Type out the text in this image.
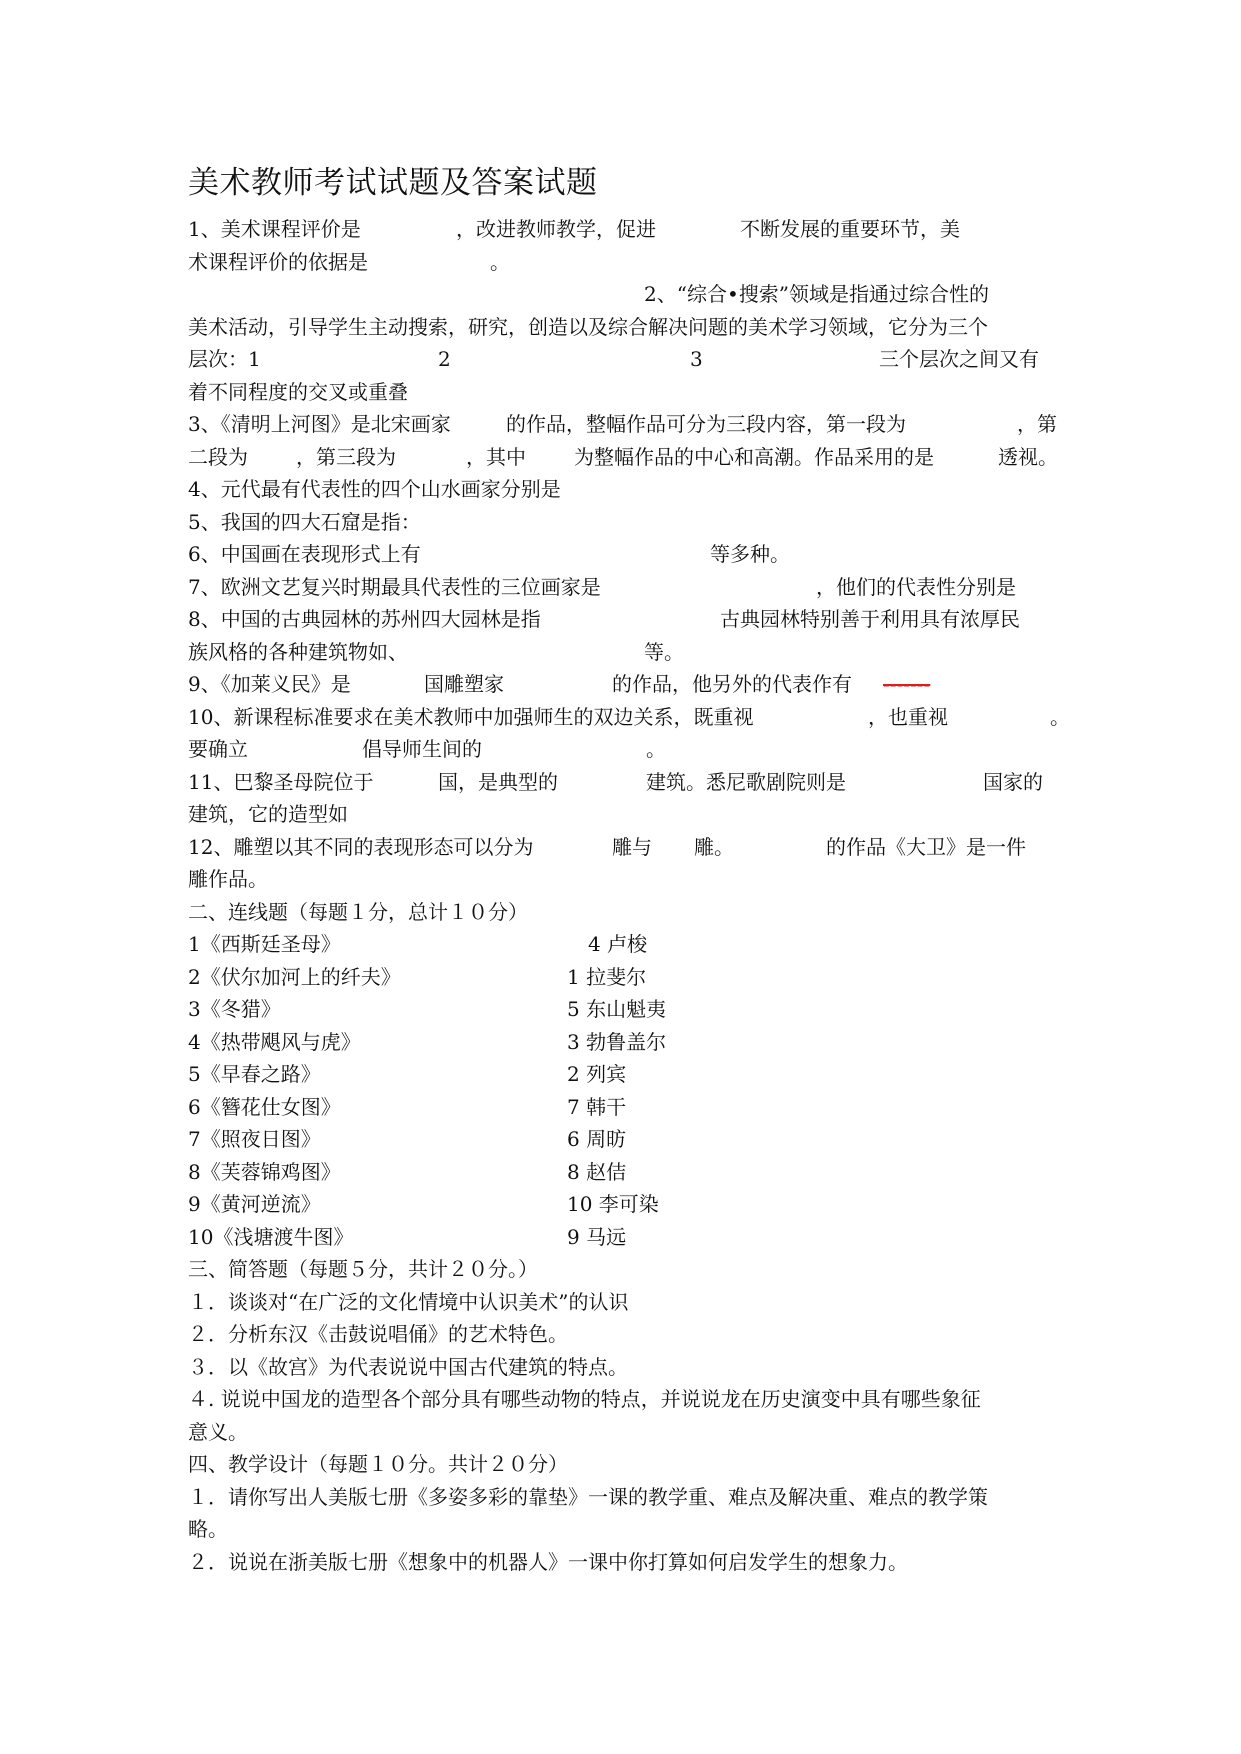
美术教师考试试题及答案试题
1、美术课程评价是	，改进教师教学，促进	不断发展的重要环节，美
术课程评价的依据是	。
2、“综合•搜索”领域是指通过综合性的
美术活动，引导学生主动搜索，研究，创造以及综合解决问题的美术学习领域，它分为三个
层次：1	2	3	三个层次之间又有
着不同程度的交叉或重叠
3、《清明上河图》是北宋画家	的作品，整幅作品可分为三段内容，第一段为	，第
二段为 ，第三段为	，其中 为整幅作品的中心和高潮。作品采用的是	透视。
4、元代最有代表性的四个山水画家分别是
5、我国的四大石窟是指：
6、中国画在表现形式上有	等多种。
7、欧洲文艺复兴时期最具代表性的三位画家是	，他们的代表性分别是
8、中国的古典园林的苏州四大园林是指	古典园林特别善于利用具有浓厚民
族风格的各种建筑物如、	等。
9、《加莱义民》是	国雕塑家	的作品，他另外的代表作有 -------
10、新课程标准要求在美术教师中加强师生的双边关系，既重视	，也重视	。
要确立	倡导师生间的	。
11、巴黎圣母院位于	国，是典型的	建筑。悉尼歌剧院则是	国家的
建筑，它的造型如
12、雕塑以其不同的表现形态可以分为	雕与 雕。	的作品《大卫》是一件
雕作品。
二、连线题（每题１分，总计１０分）
1《西斯廷圣母》	4 卢梭
2《伏尔加河上的纤夫》	1 拉斐尔
3《冬猎》	5 东山魁夷
4《热带飓风与虎》	3 勃鲁盖尔
5《早春之路》	2 列宾
6《簪花仕女图》	7 韩干
7《照夜日图》	6 周昉
8《芙蓉锦鸡图》	8 赵佶
9《黄河逆流》	10 李可染
10《浅塘渡牛图》	9 马远
三、简答题（每题５分，共计２０分。）
１．谈谈对“在广泛的文化情境中认识美术”的认识
２．分析东汉《击鼓说唱俑》的艺术特色。
３．以《故宫》为代表说说中国古代建筑的特点。
４. 说说中国龙的造型各个部分具有哪些动物的特点，并说说龙在历史演变中具有哪些象征
意义。
四、教学设计（每题１０分。共计２０分）
１．请你写出人美版七册《多姿多彩的靠垫》一课的教学重、难点及解决重、难点的教学策
略。
２．说说在浙美版七册《想象中的机器人》一课中你打算如何启发学生的想象力。
